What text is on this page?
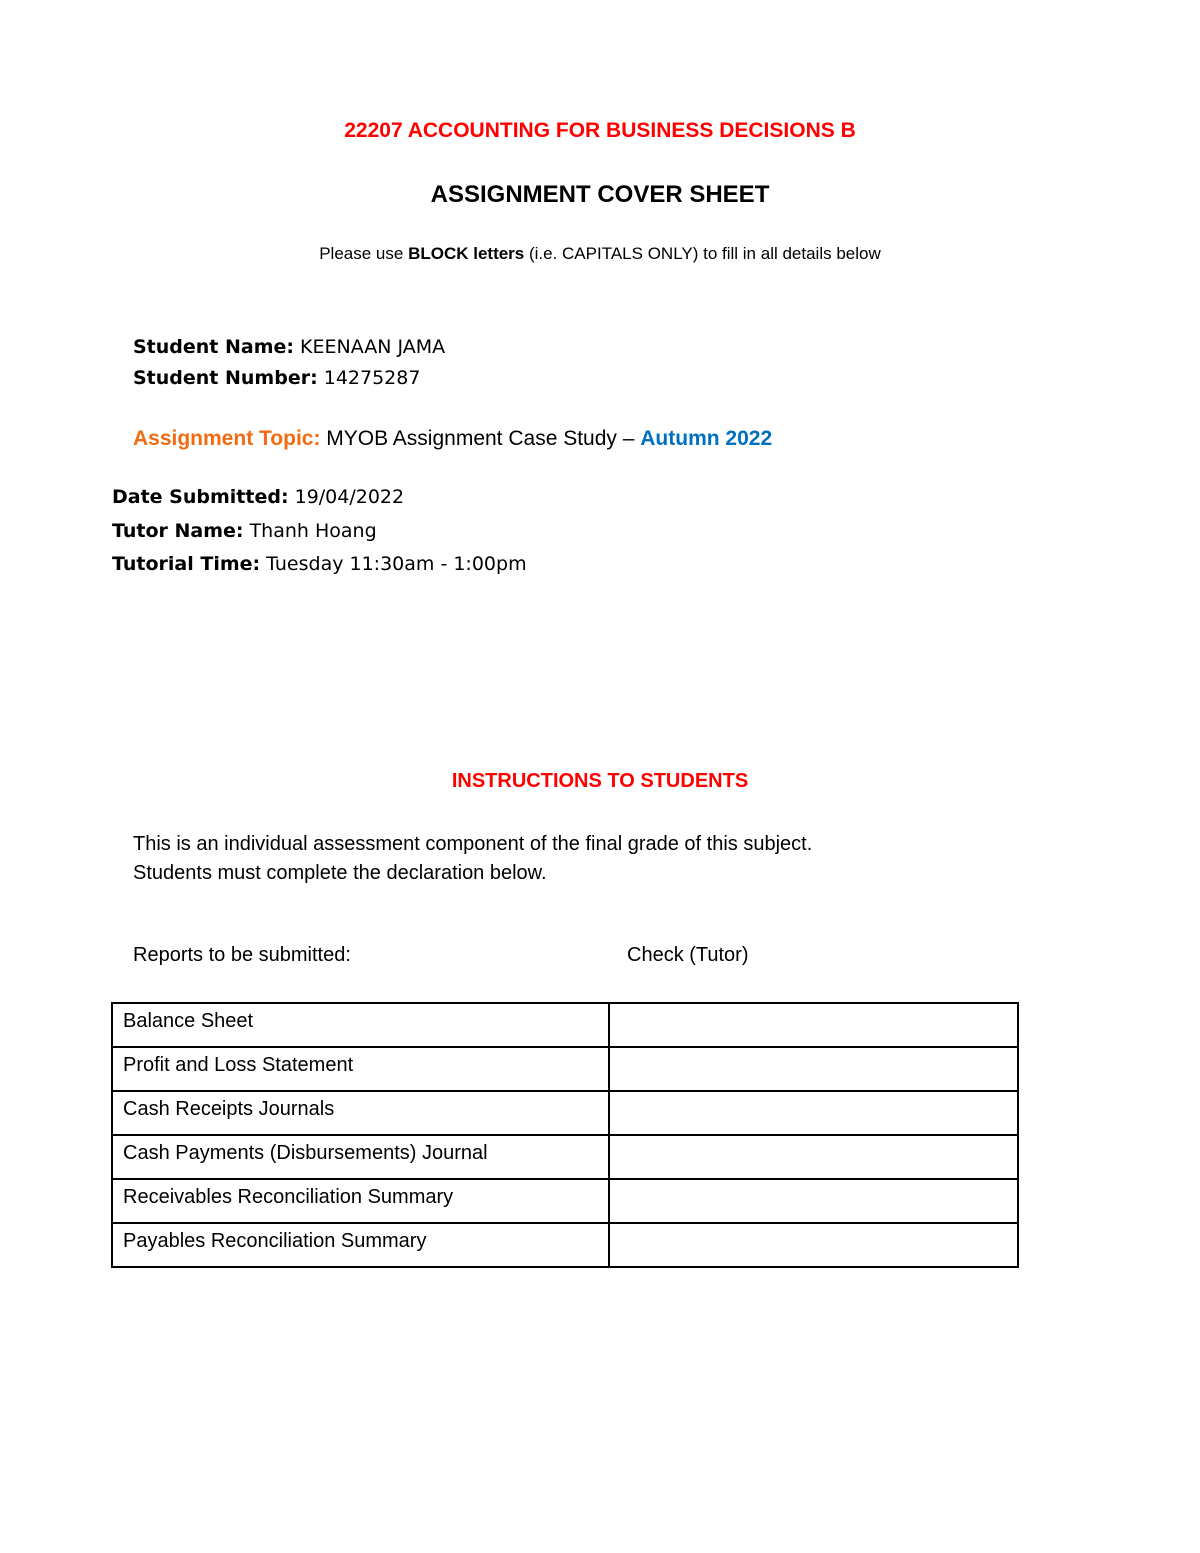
22207 ACCOUNTING FOR BUSINESS DECISIONS B
ASSIGNMENT COVER SHEET
Please use BLOCK letters (i.e. CAPITALS ONLY) to fill in all details below
Student Name: KEENAAN JAMA
Student Number: 14275287
Assignment Topic: MYOB Assignment Case Study – Autumn 2022
Date Submitted: 19/04/2022
Tutor Name: Thanh Hoang
Tutorial Time: Tuesday 11:30am - 1:00pm
INSTRUCTIONS TO STUDENTS
This is an individual assessment component of the final grade of this subject.
Students must complete the declaration below.
Reports to be submitted:	Check (Tutor)
Balance Sheet	
Profit and Loss Statement	
Cash Receipts Journals	
Cash Payments (Disbursements) Journal	
Receivables Reconciliation Summary	
Payables Reconciliation Summary	
